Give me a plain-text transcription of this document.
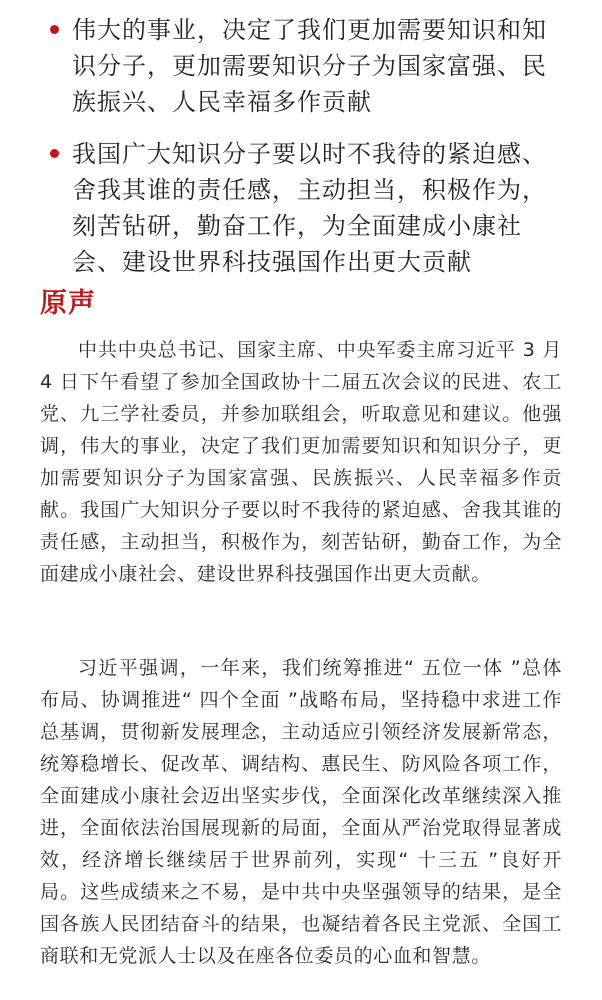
伟大的事业，决定了我们更加需要知识和知识分子，更加需要知识分子为国家富强、民族振兴、人民幸福多作贡献
我国广大知识分子要以时不我待的紧迫感、舍我其谁的责任感，主动担当，积极作为，刻苦钻研，勤奋工作，为全面建成小康社会、建设世界科技强国作出更大贡献
原声

中共中央总书记、国家主席、中央军委主席习近平 3 月 4 日下午看望了参加全国政协十二届五次会议的民进、农工党、九三学社委员，并参加联组会，听取意见和建议。他强调，伟大的事业，决定了我们更加需要知识和知识分子，更加需要知识分子为国家富强、民族振兴、人民幸福多作贡献。我国广大知识分子要以时不我待的紧迫感、舍我其谁的责任感，主动担当，积极作为，刻苦钻研，勤奋工作，为全面建成小康社会、建设世界科技强国作出更大贡献。

习近平强调，一年来，我们统筹推进“ 五位一体 ”总体布局、协调推进“ 四个全面 ”战略布局，坚持稳中求进工作总基调，贯彻新发展理念，主动适应引领经济发展新常态，统筹稳增长、促改革、调结构、惠民生、防风险各项工作，全面建成小康社会迈出坚实步伐，全面深化改革继续深入推进，全面依法治国展现新的局面，全面从严治党取得显著成效，经济增长继续居于世界前列，实现“ 十三五 ”良好开局。这些成绩来之不易，是中共中央坚强领导的结果，是全国各族人民团结奋斗的结果，也凝结着各民主党派、全国工商联和无党派人士以及在座各位委员的心血和智慧。
